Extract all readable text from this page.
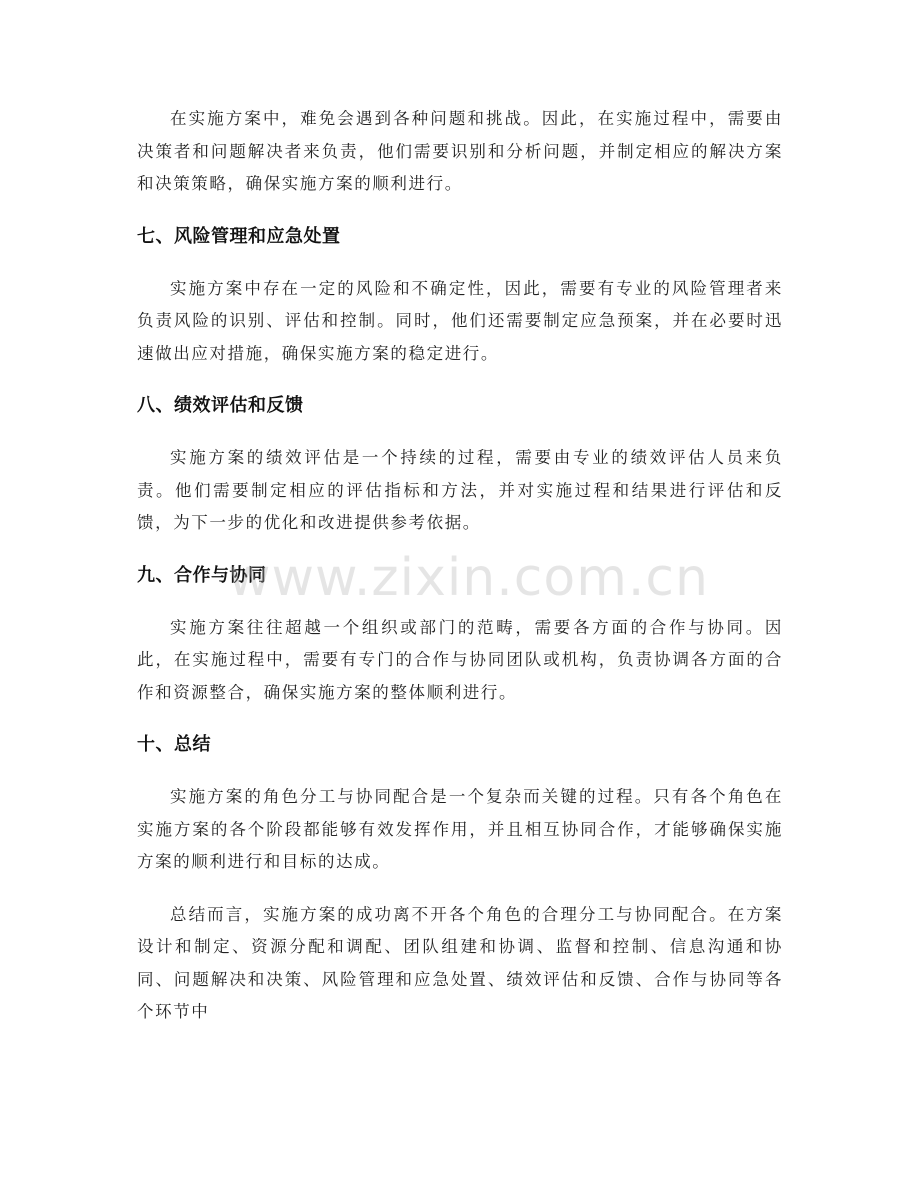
在实施方案中，难免会遇到各种问题和挑战。因此，在实施过程中，需要由决策者和问题解决者来负责，他们需要识别和分析问题，并制定相应的解决方案和决策策略，确保实施方案的顺利进行。

七、风险管理和应急处置

实施方案中存在一定的风险和不确定性，因此，需要有专业的风险管理者来负责风险的识别、评估和控制。同时，他们还需要制定应急预案，并在必要时迅速做出应对措施，确保实施方案的稳定进行。

八、绩效评估和反馈

实施方案的绩效评估是一个持续的过程，需要由专业的绩效评估人员来负责。他们需要制定相应的评估指标和方法，并对实施过程和结果进行评估和反馈，为下一步的优化和改进提供参考依据。

九、合作与协同

实施方案往往超越一个组织或部门的范畴，需要各方面的合作与协同。因此，在实施过程中，需要有专门的合作与协同团队或机构，负责协调各方面的合作和资源整合，确保实施方案的整体顺利进行。

十、总结

实施方案的角色分工与协同配合是一个复杂而关键的过程。只有各个角色在实施方案的各个阶段都能够有效发挥作用，并且相互协同合作，才能够确保实施方案的顺利进行和目标的达成。

总结而言，实施方案的成功离不开各个角色的合理分工与协同配合。在方案设计和制定、资源分配和调配、团队组建和协调、监督和控制、信息沟通和协同、问题解决和决策、风险管理和应急处置、绩效评估和反馈、合作与协同等各个环节中

www.zixin.com.cn
